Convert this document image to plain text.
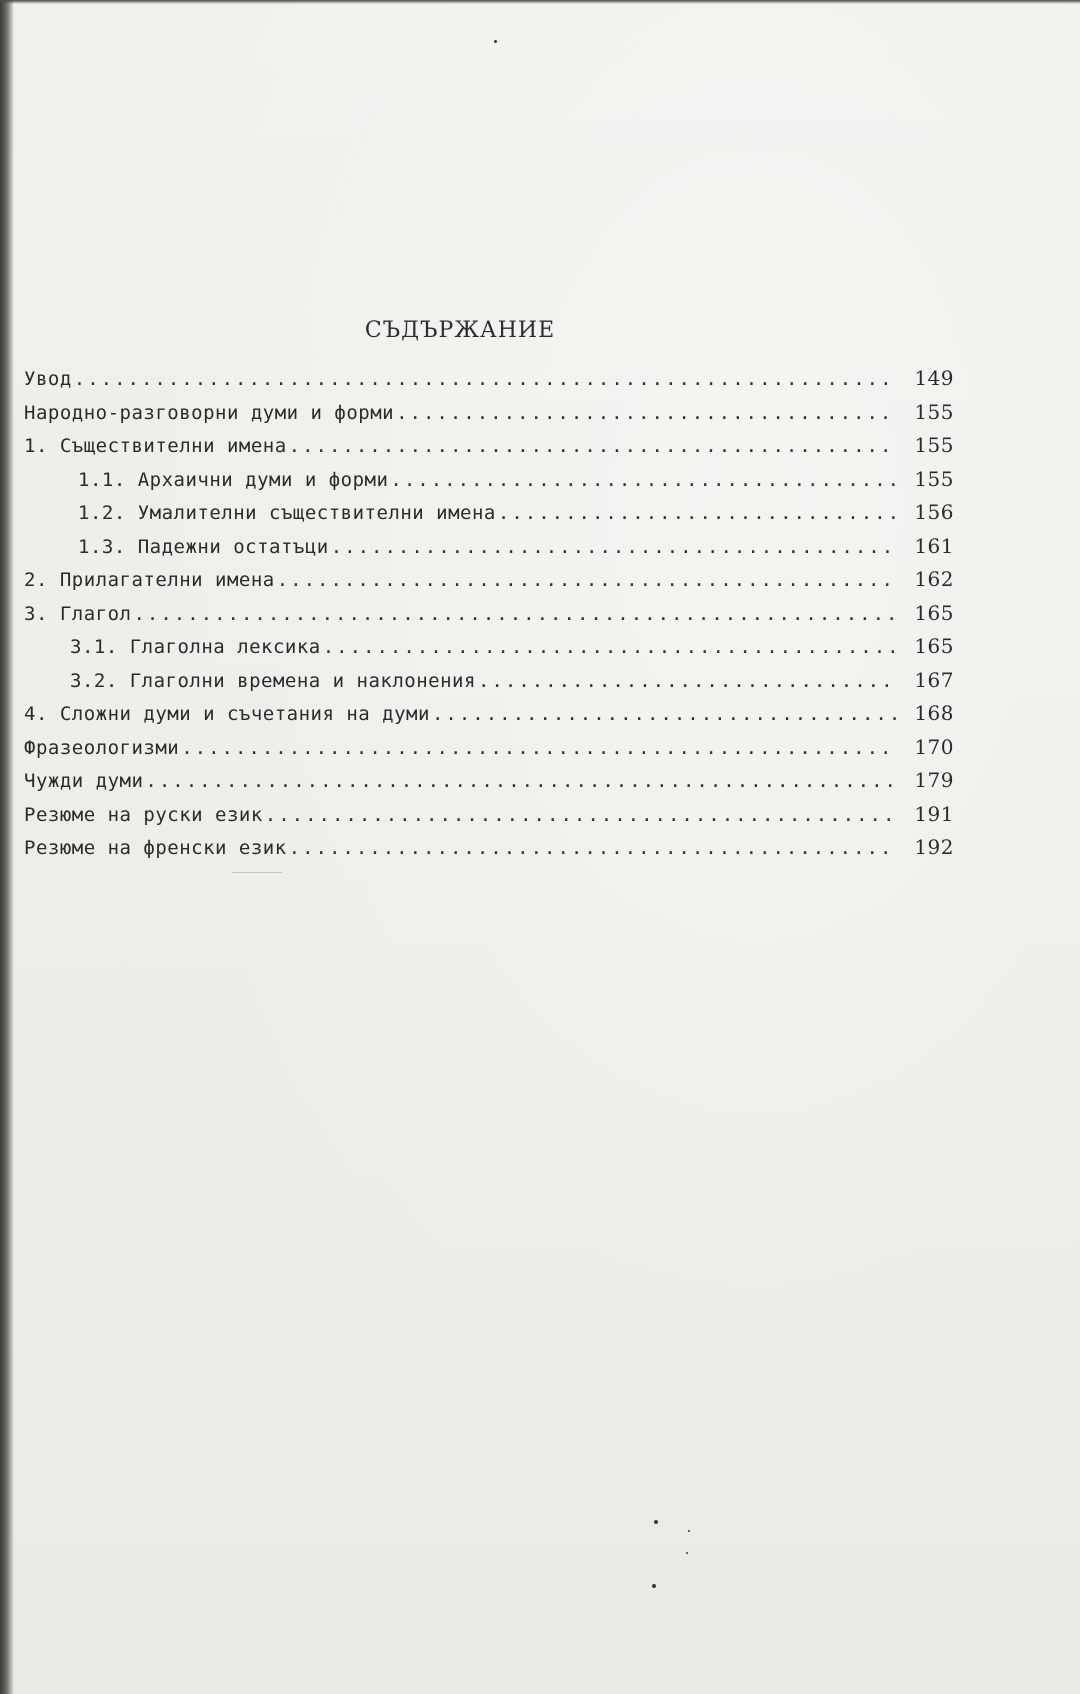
СЪДЪРЖАНИЕ
Увод .....	149
Народно-разговорни думи и форми .....	155
1. Съществителни имена .....	155
1.1. Архаични думи и форми .....	155
1.2. Умалителни съществителни имена .....	156
1.3. Падежни остатъци .....	161
2. Прилагателни имена .....	162
3. Глагол .....	165
3.1. Глаголна лексика .....	165
3.2. Глаголни времена и наклонения .....	167
4. Сложни думи и съчетания на думи .....	168
Фразеологизми .....	170
Чужди думи .....	179
Резюме на руски език .....	191
Резюме на френски език .....	192
